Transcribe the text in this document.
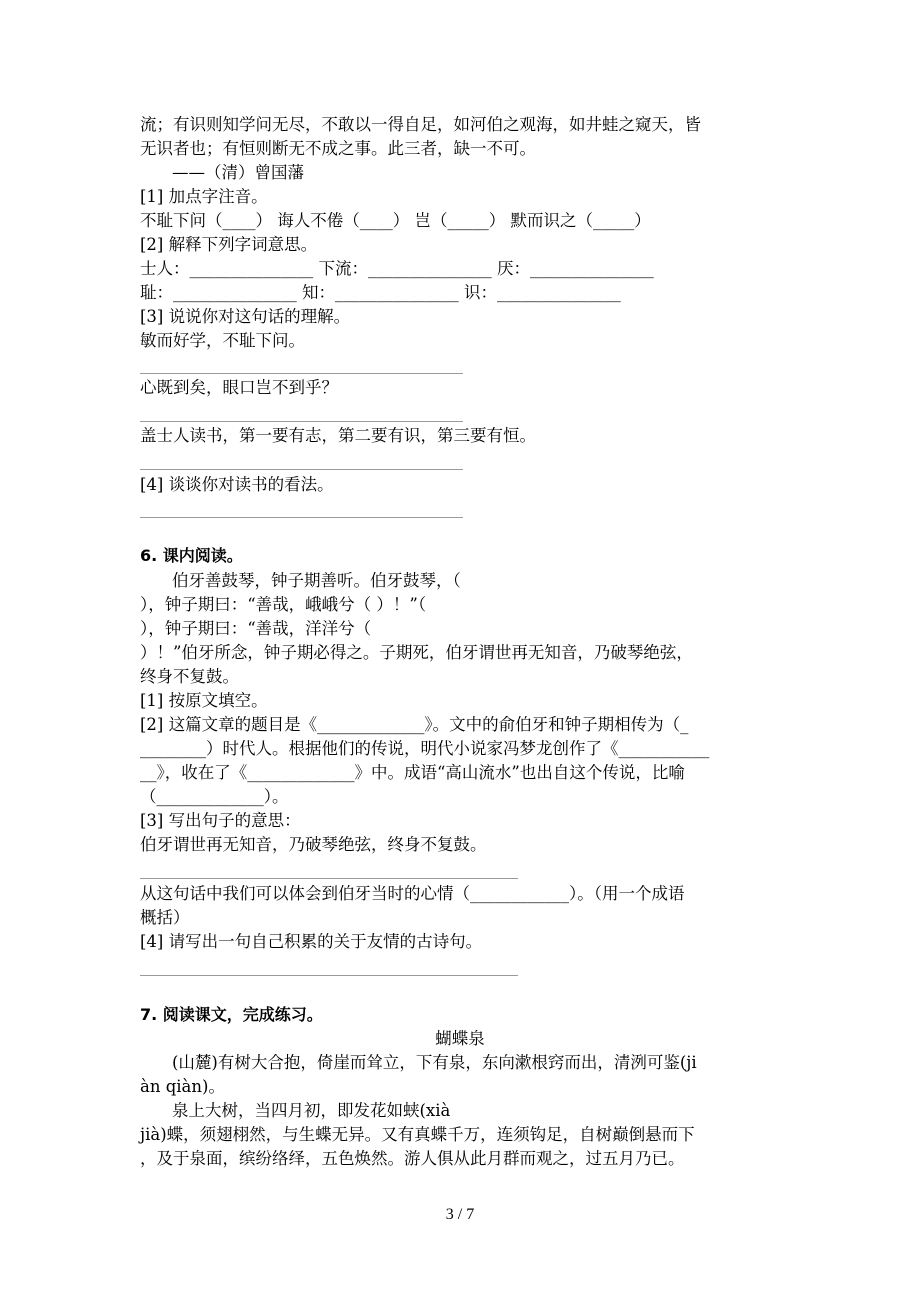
流；有识则知学问无尽，不敢以一得自足，如河伯之观海，如井蛙之窥天，皆
无识者也；有恒则断无不成之事。此三者，缺一不可。
——（清）曾国藩
[1] 加点字注音。
不耻下问（____） 诲人不倦（____） 岂（_____） 默而识之（_____）
[2] 解释下列字词意思。
士人：_______________ 下流：_______________ 厌：_______________
耻：_______________ 知：_______________ 识：_______________
[3] 说说你对这句话的理解。
敏而好学，不耻下问。
心既到矣，眼口岂不到乎？
盖士人读书，第一要有志，第二要有识，第三要有恒。
[4] 谈谈你对读书的看法。
6. 课内阅读。
伯牙善鼓琴，钟子期善听。伯牙鼓琴，（
），钟子期曰：“善哉，峨峨兮（ ）！”（
），钟子期曰：“善哉，洋洋兮（
）！”伯牙所念，钟子期必得之。子期死，伯牙谓世再无知音，乃破琴绝弦，
终身不复鼓。
[1] 按原文填空。
[2] 这篇文章的题目是《_____________》。文中的俞伯牙和钟子期相传为（_
________）时代人。根据他们的传说，明代小说家冯梦龙创作了《___________
__》，收在了《_____________》中。成语“高山流水”也出自这个传说，比喻
（_____________）。
[3] 写出句子的意思：
伯牙谓世再无知音，乃破琴绝弦，终身不复鼓。
从这句话中我们可以体会到伯牙当时的心情（____________）。（用一个成语
概括）
[4] 请写出一句自己积累的关于友情的古诗句。
7. 阅读课文，完成练习。
蝴蝶泉
(山麓)有树大合抱，倚崖而耸立，下有泉，东向漱根窍而出，清洌可鉴(ji
àn qiàn)。
泉上大树，当四月初，即发花如蛱(xià
jià)蝶，须翅栩然，与生蝶无异。又有真蝶千万，连须钩足，自树巅倒悬而下
，及于泉面，缤纷络绎，五色焕然。游人俱从此月群而观之，过五月乃已。
3 / 7
